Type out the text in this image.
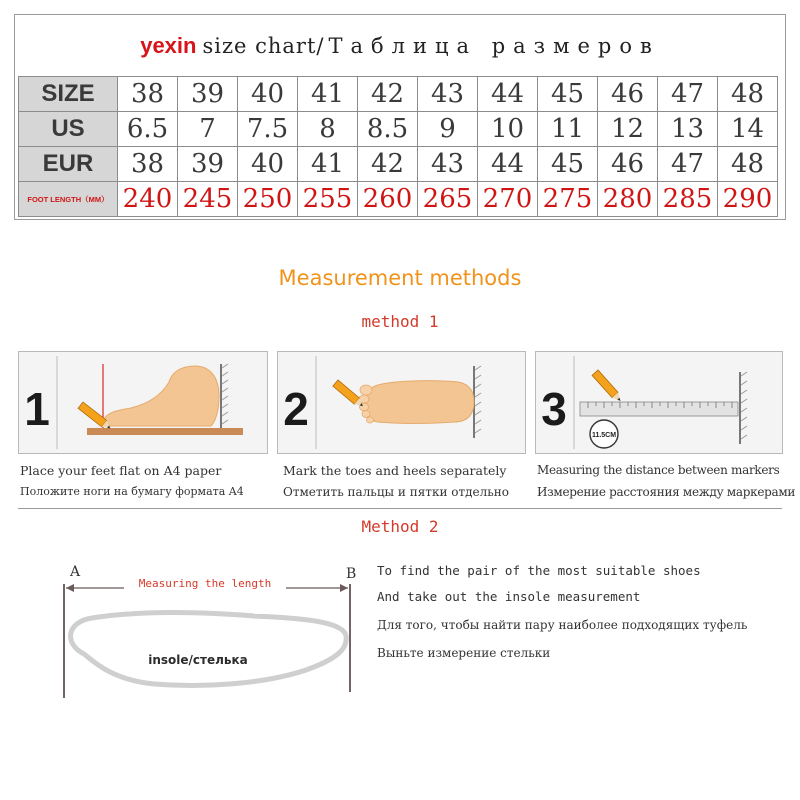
yexin size chart/ Таблица размеров
SIZE	38	39	40	41	42	43	44	45	46	47	48
US	6.5	7	7.5	8	8.5	9	10	11	12	13	14
EUR	38	39	40	41	42	43	44	45	46	47	48
FOOT LENGTH（MM）	240	245	250	255	260	265	270	275	280	285	290
Measurement methods
method 1
1	2	3
11.5CM
Place your feet flat on A4 paper
Положите ноги на бумагу формата A4
Mark the toes and heels separately
Отметить пальцы и пятки отдельно
Measuring the distance between markers
Измерение расстояния между маркерами
Method 2
A	B
Measuring the length
insole/стелька
To find the pair of the most suitable shoes
And take out the insole measurement
Для того, чтобы найти пару наиболее подходящих туфель
Выньте измерение стельки
